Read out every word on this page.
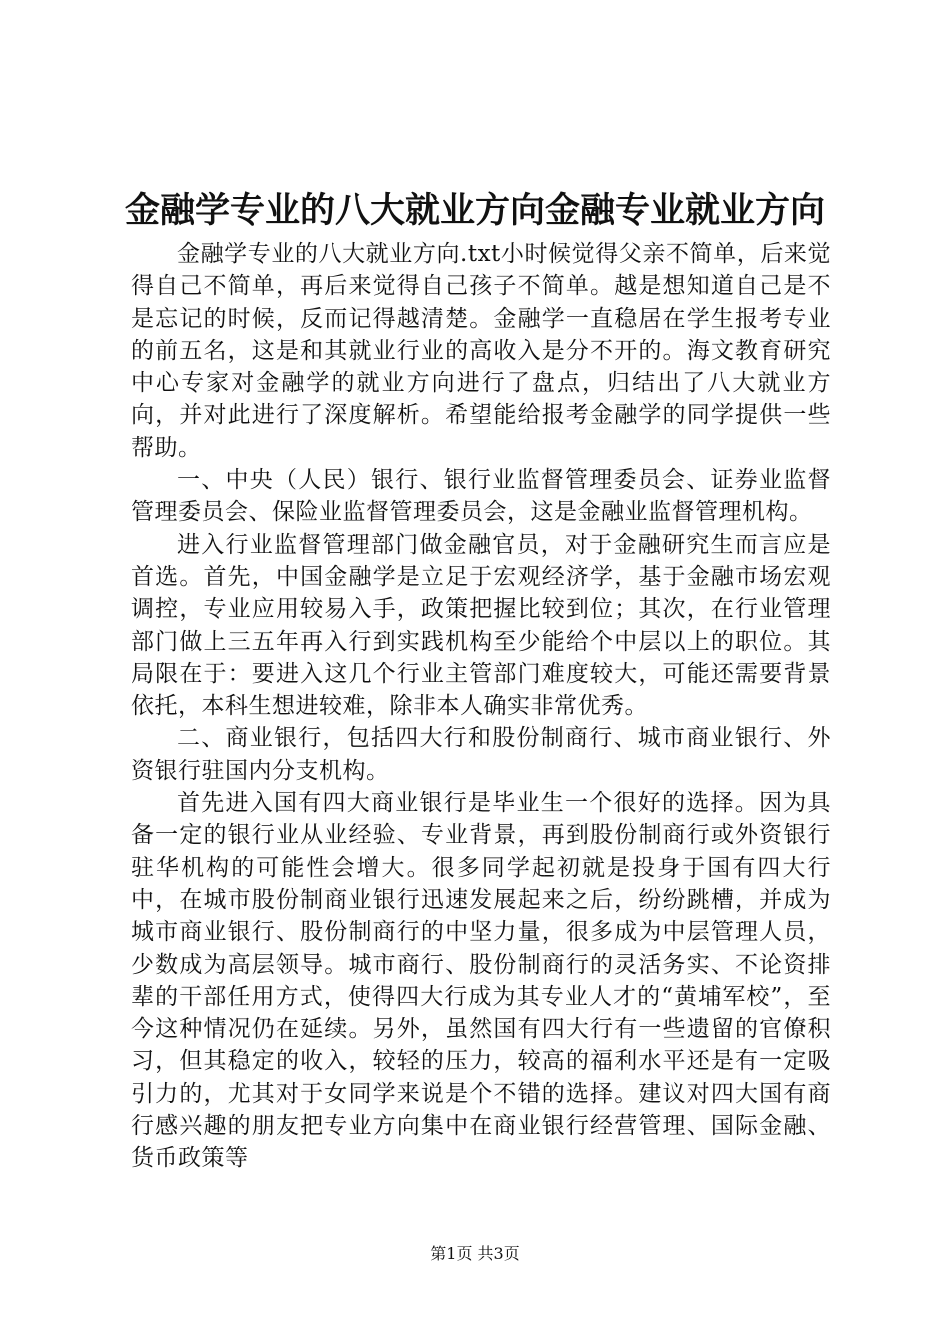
金融学专业的八大就业方向金融专业就业方向

金融学专业的八大就业方向.txt小时候觉得父亲不简单，后来觉得自己不简单，再后来觉得自己孩子不简单。越是想知道自己是不是忘记的时候，反而记得越清楚。金融学一直稳居在学生报考专业的前五名，这是和其就业行业的高收入是分不开的。海文教育研究中心专家对金融学的就业方向进行了盘点，归结出了八大就业方向，并对此进行了深度解析。希望能给报考金融学的同学提供一些帮助。

一、中央（人民）银行、银行业监督管理委员会、证券业监督管理委员会、保险业监督管理委员会，这是金融业监督管理机构。

进入行业监督管理部门做金融官员，对于金融研究生而言应是首选。首先，中国金融学是立足于宏观经济学，基于金融市场宏观调控，专业应用较易入手，政策把握比较到位；其次，在行业管理部门做上三五年再入行到实践机构至少能给个中层以上的职位。其局限在于：要进入这几个行业主管部门难度较大，可能还需要背景依托，本科生想进较难，除非本人确实非常优秀。

二、商业银行，包括四大行和股份制商行、城市商业银行、外资银行驻国内分支机构。

首先进入国有四大商业银行是毕业生一个很好的选择。因为具备一定的银行业从业经验、专业背景，再到股份制商行或外资银行驻华机构的可能性会增大。很多同学起初就是投身于国有四大行中，在城市股份制商业银行迅速发展起来之后，纷纷跳槽，并成为城市商业银行、股份制商行的中坚力量，很多成为中层管理人员，少数成为高层领导。城市商行、股份制商行的灵活务实、不论资排辈的干部任用方式，使得四大行成为其专业人才的“黄埔军校”，至今这种情况仍在延续。另外，虽然国有四大行有一些遗留的官僚积习，但其稳定的收入，较轻的压力，较高的福利水平还是有一定吸引力的，尤其对于女同学来说是个不错的选择。建议对四大国有商行感兴趣的朋友把专业方向集中在商业银行经营管理、国际金融、货币政策等

第1页 共3页
